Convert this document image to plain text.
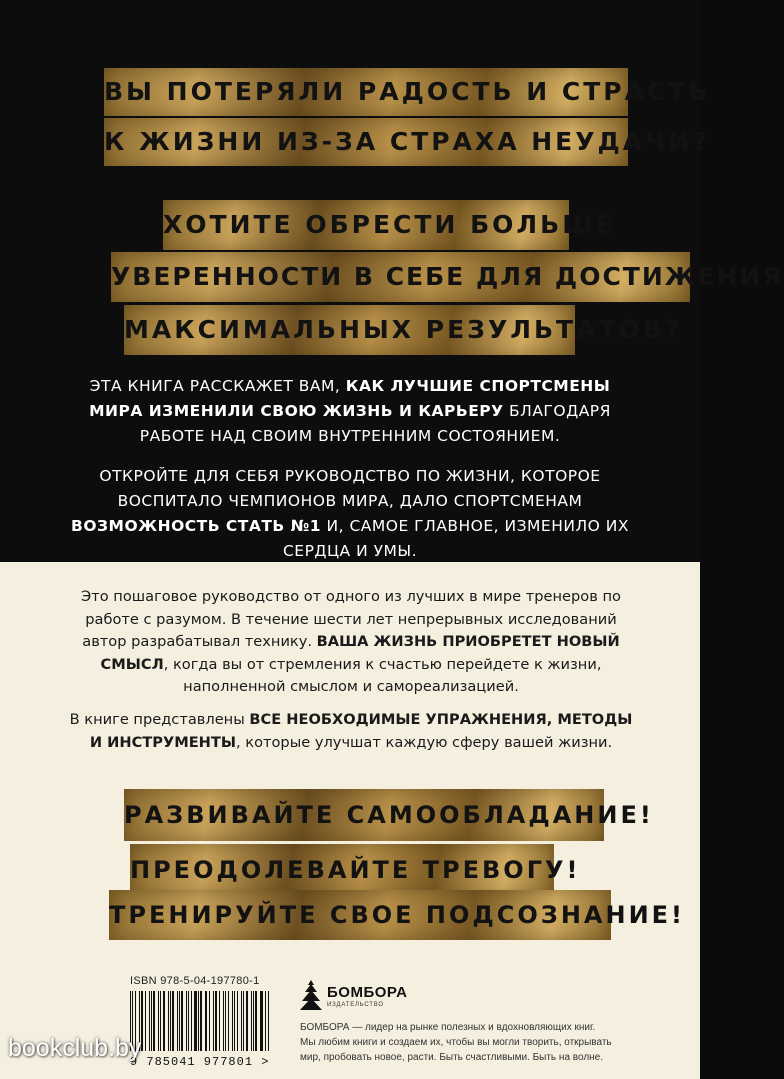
ВЫ ПОТЕРЯЛИ РАДОСТЬ И СТРАСТЬ
К ЖИЗНИ ИЗ-ЗА СТРАХА НЕУДАЧИ?
ХОТИТЕ ОБРЕСТИ БОЛЬШЕ
УВЕРЕННОСТИ В СЕБЕ ДЛЯ ДОСТИЖЕНИЯ
МАКСИМАЛЬНЫХ РЕЗУЛЬТАТОВ?
ЭТА КНИГА РАССКАЖЕТ ВАМ, КАК ЛУЧШИЕ СПОРТСМЕНЫ МИРА ИЗМЕНИЛИ СВОЮ ЖИЗНЬ И КАРЬЕРУ БЛАГОДАРЯ РАБОТЕ НАД СВОИМ ВНУТРЕННИМ СОСТОЯНИЕМ.
ОТКРОЙТЕ ДЛЯ СЕБЯ РУКОВОДСТВО ПО ЖИЗНИ, КОТОРОЕ ВОСПИТАЛО ЧЕМПИОНОВ МИРА, ДАЛО СПОРТСМЕНАМ ВОЗМОЖНОСТЬ СТАТЬ №1 И, САМОЕ ГЛАВНОЕ, ИЗМЕНИЛО ИХ СЕРДЦА И УМЫ.
Это пошаговое руководство от одного из лучших в мире тренеров по работе с разумом. В течение шести лет непрерывных исследований автор разрабатывал технику. ВАША ЖИЗНЬ ПРИОБРЕТЕТ НОВЫЙ СМЫСЛ, когда вы от стремления к счастью перейдете к жизни, наполненной смыслом и самореализацией.
В книге представлены ВСЕ НЕОБХОДИМЫЕ УПРАЖНЕНИЯ, МЕТОДЫ И ИНСТРУМЕНТЫ, которые улучшат каждую сферу вашей жизни.
РАЗВИВАЙТЕ САМООБЛАДАНИЕ!
ПРЕОДОЛЕВАЙТЕ ТРЕВОГУ!
ТРЕНИРУЙТЕ СВОЕ ПОДСОЗНАНИЕ!
ISBN 978-5-04-197780-1
9 785041 977801 >
БОМБОРА
ИЗДАТЕЛЬСТВО
БОМБОРА — лидер на рынке полезных и вдохновляющих книг.
Мы любим книги и создаем их, чтобы вы могли творить, открывать
мир, пробовать новое, расти. Быть счастливыми. Быть на волне.
bookclub.by
